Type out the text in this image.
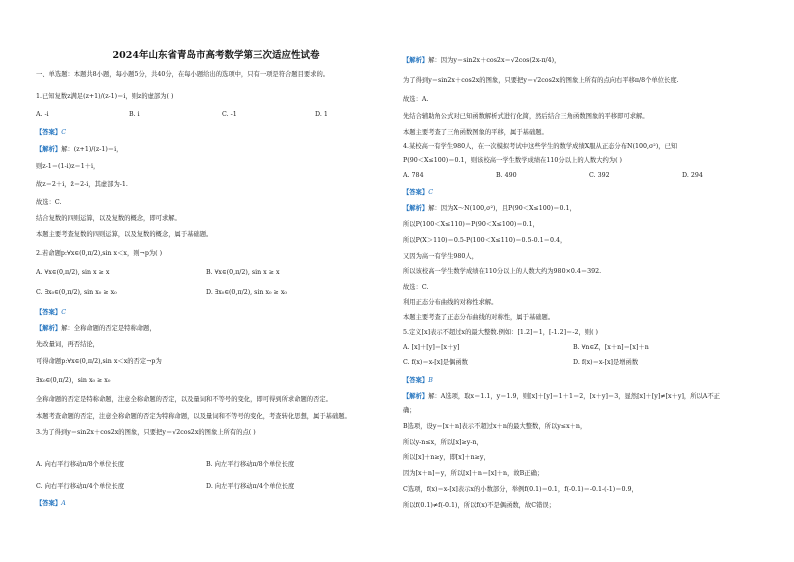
2024年山东省青岛市高考数学第三次适应性试卷
一、单选题：本题共8小题，每小题5分，共40分，在每小题给出的选项中，只有一项是符合题目要求的。
1.已知复数z满足(z+1)/(z-1)＝i，则z的虚部为( )
A. -i	B. i	C. -1	D. 1
【答案】C
【解析】解：(z+1)/(z-1)＝i，
则z-1＝(1-i)z＝1＋i，
故z＝2＋i，z̄＝2-i，其虚部为-1.
故选：C.
结合复数的四则运算，以及复数的概念，即可求解。
本题主要考查复数的四则运算，以及复数的概念，属于基础题。
2.若命题p:∀x∈(0,π/2),sin x＜x，则¬p为( )
A. ∀x∈(0,π/2), sin x ≥ x	B. ∀x∈(0,π/2), sin x ≥ x
C. ∃x₀∈(0,π/2), sin x₀ ≥ x₀	D. ∃x₀∈(0,π/2), sin x₀ ≥ x₀
【答案】C
【解析】解：全称命题的否定是特称命题，
先改量词，再否结论，
可得命题p:∀x∈(0,π/2),sin x＜x的否定¬p为
∃x₀∈(0,π/2)，sin x₀ ≥ x₀
全称命题的否定是特称命题，注意全称命题的否定，以及量词和不等号的变化，即可得到所求命题的否定。
本题考查命题的否定，注意全称命题的否定为特称命题，以及量词和不等号的变化，考查转化思想，属于基础题。
3.为了得到y＝sin2x＋cos2x的图象，只要把y＝√2cos2x的图象上所有的点( )
A. 向右平行移动π/8个单位长度	B. 向左平行移动π/8个单位长度
C. 向右平行移动π/4个单位长度	D. 向左平行移动π/4个单位长度
【答案】A
【解析】解：因为y＝sin2x＋cos2x＝√2cos(2x-π/4)，
为了得到y＝sin2x＋cos2x的图象，只要把y＝√2cos2x的图象上所有的点向右平移π/8个单位长度.
故选：A.
先结合辅助角公式对已知函数解析式进行化简，然后结合三角函数图象的平移即可求解。
本题主要考查了三角函数图象的平移，属于基础题。
4.某校高一有学生980人，在一次模拟考试中这些学生的数学成绩X服从正态分布N(100,σ²)，已知
P(90＜X≤100)＝0.1，则该校高一学生数学成绩在110分以上的人数大约为( )
A. 784	B. 490	C. 392	D. 294
【答案】C
【解析】解：因为X～N(100,σ²)，且P(90＜X≤100)＝0.1，
所以P(100＜X≤110)＝P(90＜X≤100)＝0.1，
所以P(X＞110)＝0.5-P(100＜X≤110)＝0.5-0.1＝0.4，
又因为高一有学生980人，
所以该校高一学生数学成绩在110分以上的人数大约为980×0.4＝392.
故选：C.
利用正态分布曲线的对称性求解。
本题主要考查了正态分布曲线的对称性，属于基础题。
5.定义[x]表示不超过x的最大整数.例如：[1.2]＝1，[-1.2]＝-2，则( )
A. [x]＋[y]＝[x＋y]	B. ∀n∈Z，[x＋n]＝[x]＋n
C. f(x)＝x-[x]是偶函数	D. f(x)＝x-[x]是增函数
【答案】B
【解析】解：A选项，取x＝1.1，y＝1.9，则[x]＋[y]＝1＋1＝2，[x＋y]＝3，显然[x]＋[y]≠[x＋y]，所以A不正
确；
B选项，设y＝[x＋n]表示不超过x＋n的最大整数，所以y≤x＋n，
所以y-n≤x，所以[x]≥y-n，
所以[x]＋n≥y，即[x]＋n≥y，
因为[x＋n]＝y，所以[x]＋n＝[x]＋n，故B正确；
C选项，f(x)＝x-[x]表示x的小数部分，举例f(0.1)＝0.1，f(-0.1)＝-0.1-(-1)＝0.9，
所以f(0.1)≠f(-0.1)，所以f(x)不是偶函数，故C错误；
